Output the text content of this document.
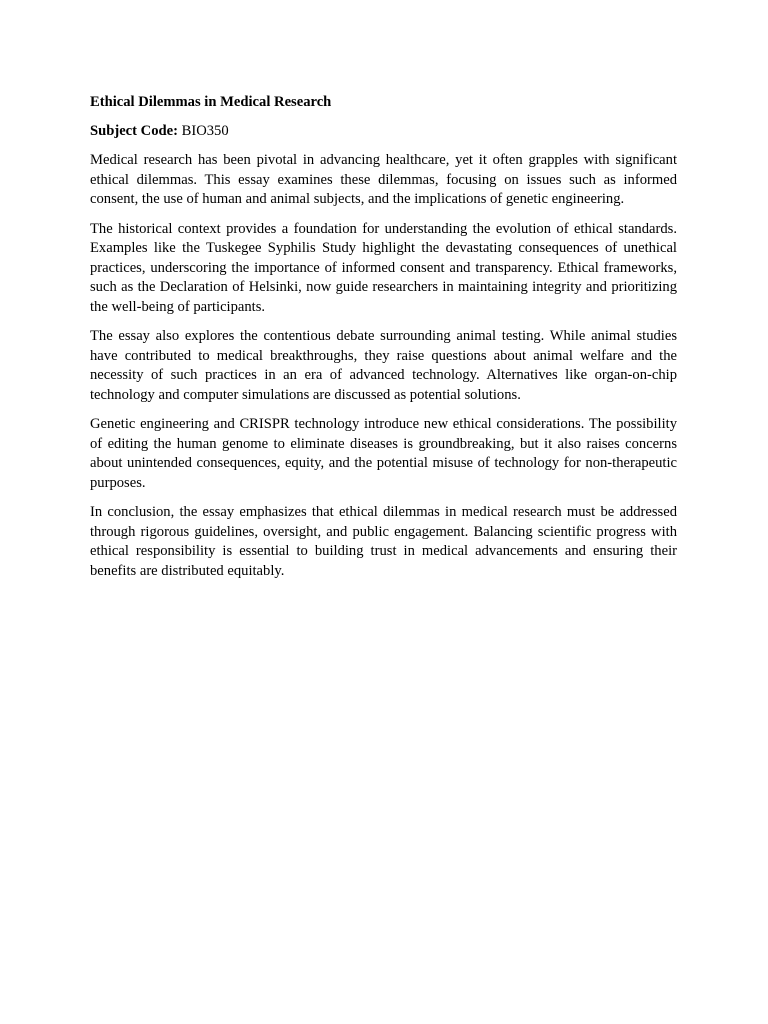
Ethical Dilemmas in Medical Research

Subject Code: BIO350

Medical research has been pivotal in advancing healthcare, yet it often grapples with significant ethical dilemmas. This essay examines these dilemmas, focusing on issues such as informed consent, the use of human and animal subjects, and the implications of genetic engineering.

The historical context provides a foundation for understanding the evolution of ethical standards. Examples like the Tuskegee Syphilis Study highlight the devastating consequences of unethical practices, underscoring the importance of informed consent and transparency. Ethical frameworks, such as the Declaration of Helsinki, now guide researchers in maintaining integrity and prioritizing the well-being of participants.

The essay also explores the contentious debate surrounding animal testing. While animal studies have contributed to medical breakthroughs, they raise questions about animal welfare and the necessity of such practices in an era of advanced technology. Alternatives like organ-on-chip technology and computer simulations are discussed as potential solutions.

Genetic engineering and CRISPR technology introduce new ethical considerations. The possibility of editing the human genome to eliminate diseases is groundbreaking, but it also raises concerns about unintended consequences, equity, and the potential misuse of technology for non-therapeutic purposes.

In conclusion, the essay emphasizes that ethical dilemmas in medical research must be addressed through rigorous guidelines, oversight, and public engagement. Balancing scientific progress with ethical responsibility is essential to building trust in medical advancements and ensuring their benefits are distributed equitably.
